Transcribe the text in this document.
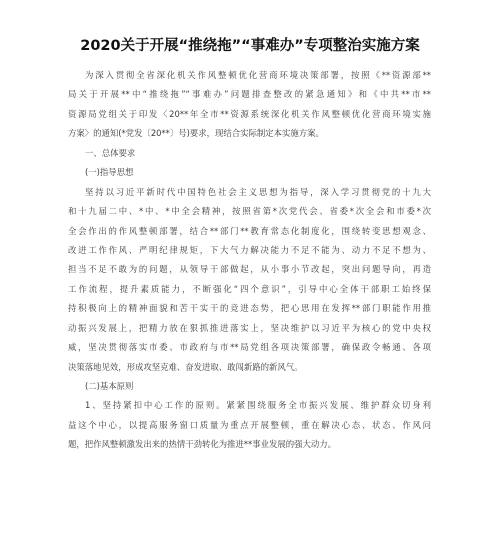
2020关于开展“推绕拖”“事难办”专项整治实施方案
为深入贯彻全省深化机关作风整顿优化营商环境决策部署，按照《**资源部**
局关于开展**中“推绕拖”“事难办”问题排查整改的紧急通知》和《中共**市**
资源局党组关于印发〈20**年全市**资源系统深化机关作风整顿优化营商环境实施
方案〉的通知(*党发〔20**〕号)要求，现结合实际制定本实施方案。
一、总体要求
(一)指导思想
坚持以习近平新时代中国特色社会主义思想为指导，深入学习贯彻党的十九大
和十九届二中、*中、*中全会精神，按照省第*次党代会、省委*次全会和市委*次
全会作出的作风整顿部署，结合**部门**教育常态化制度化，围绕转变思想观念、
改进工作作风、严明纪律规矩，下大气力解决能力不足不能为、动力不足不想为、
担当不足不敢为的问题，从领导干部做起，从小事小节改起，突出问题导向，再造
工作流程，提升素质能力，不断强化“四个意识”，引导中心全体干部职工始终保
持积极向上的精神面貌和苦干实干的竞进态势，把心思用在发挥**部门职能作用推
动振兴发展上，把精力放在狠抓推进落实上，坚决维护以习近平为核心的党中央权
威，坚决贯彻落实市委、市政府与市**局党组各项决策部署，确保政令畅通、各项
决策落地见效，形成攻坚克难、奋发进取、敢闯新路的新风气。
(二)基本原则
1、坚持紧扣中心工作的原则。紧紧围绕服务全市振兴发展、维护群众切身利
益这个中心，以提高服务窗口质量为重点开展整顿，重在解决心态、状态、作风问
题，把作风整顿激发出来的热情干劲转化为推进**事业发展的强大动力。
